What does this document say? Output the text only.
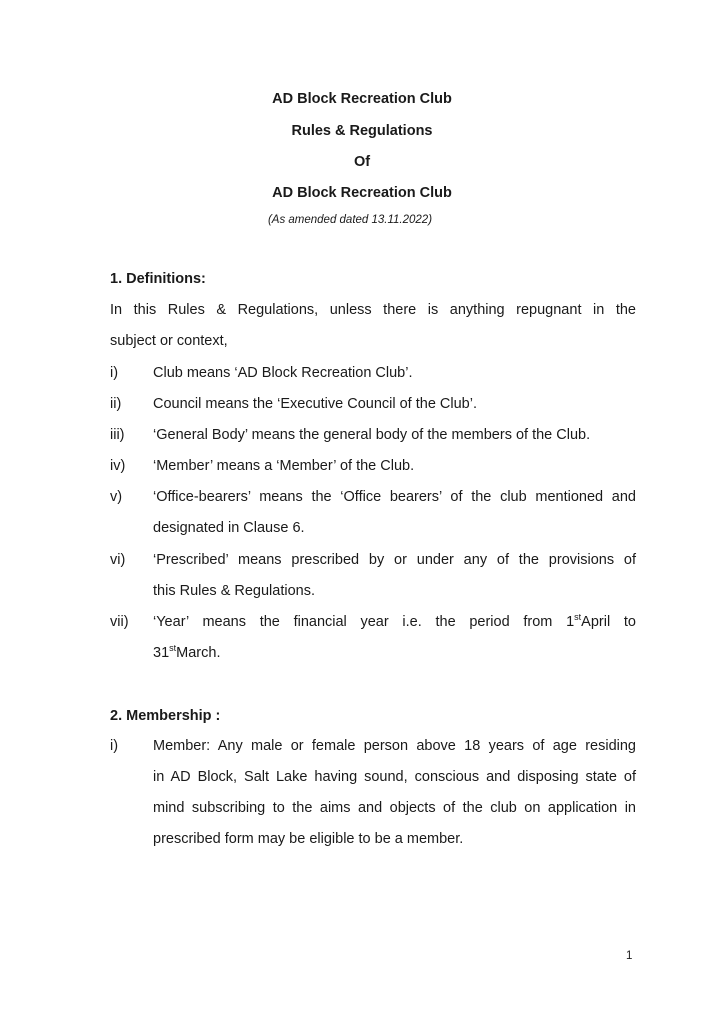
AD Block Recreation Club
Rules & Regulations
Of
AD Block Recreation Club
(As amended dated 13.11.2022)
1. Definitions:
In this Rules & Regulations, unless there is anything repugnant in the
subject or context,
i) Club means ‘AD Block Recreation Club’.
ii) Council means the ‘Executive Council of the Club’.
iii) ‘General Body’ means the general body of the members of the Club.
iv) ‘Member’ means a ‘Member’ of the Club.
v) ‘Office-bearers’ means the ‘Office bearers’ of the club mentioned and
designated in Clause 6.
vi) ‘Prescribed’ means prescribed by or under any of the provisions of
this Rules & Regulations.
vii) ‘Year’ means the financial year i.e. the period from 1stApril to
31stMarch.
2. Membership :
i) Member: Any male or female person above 18 years of age residing
in AD Block, Salt Lake having sound, conscious and disposing state of
mind subscribing to the aims and objects of the club on application in
prescribed form may be eligible to be a member.
1
